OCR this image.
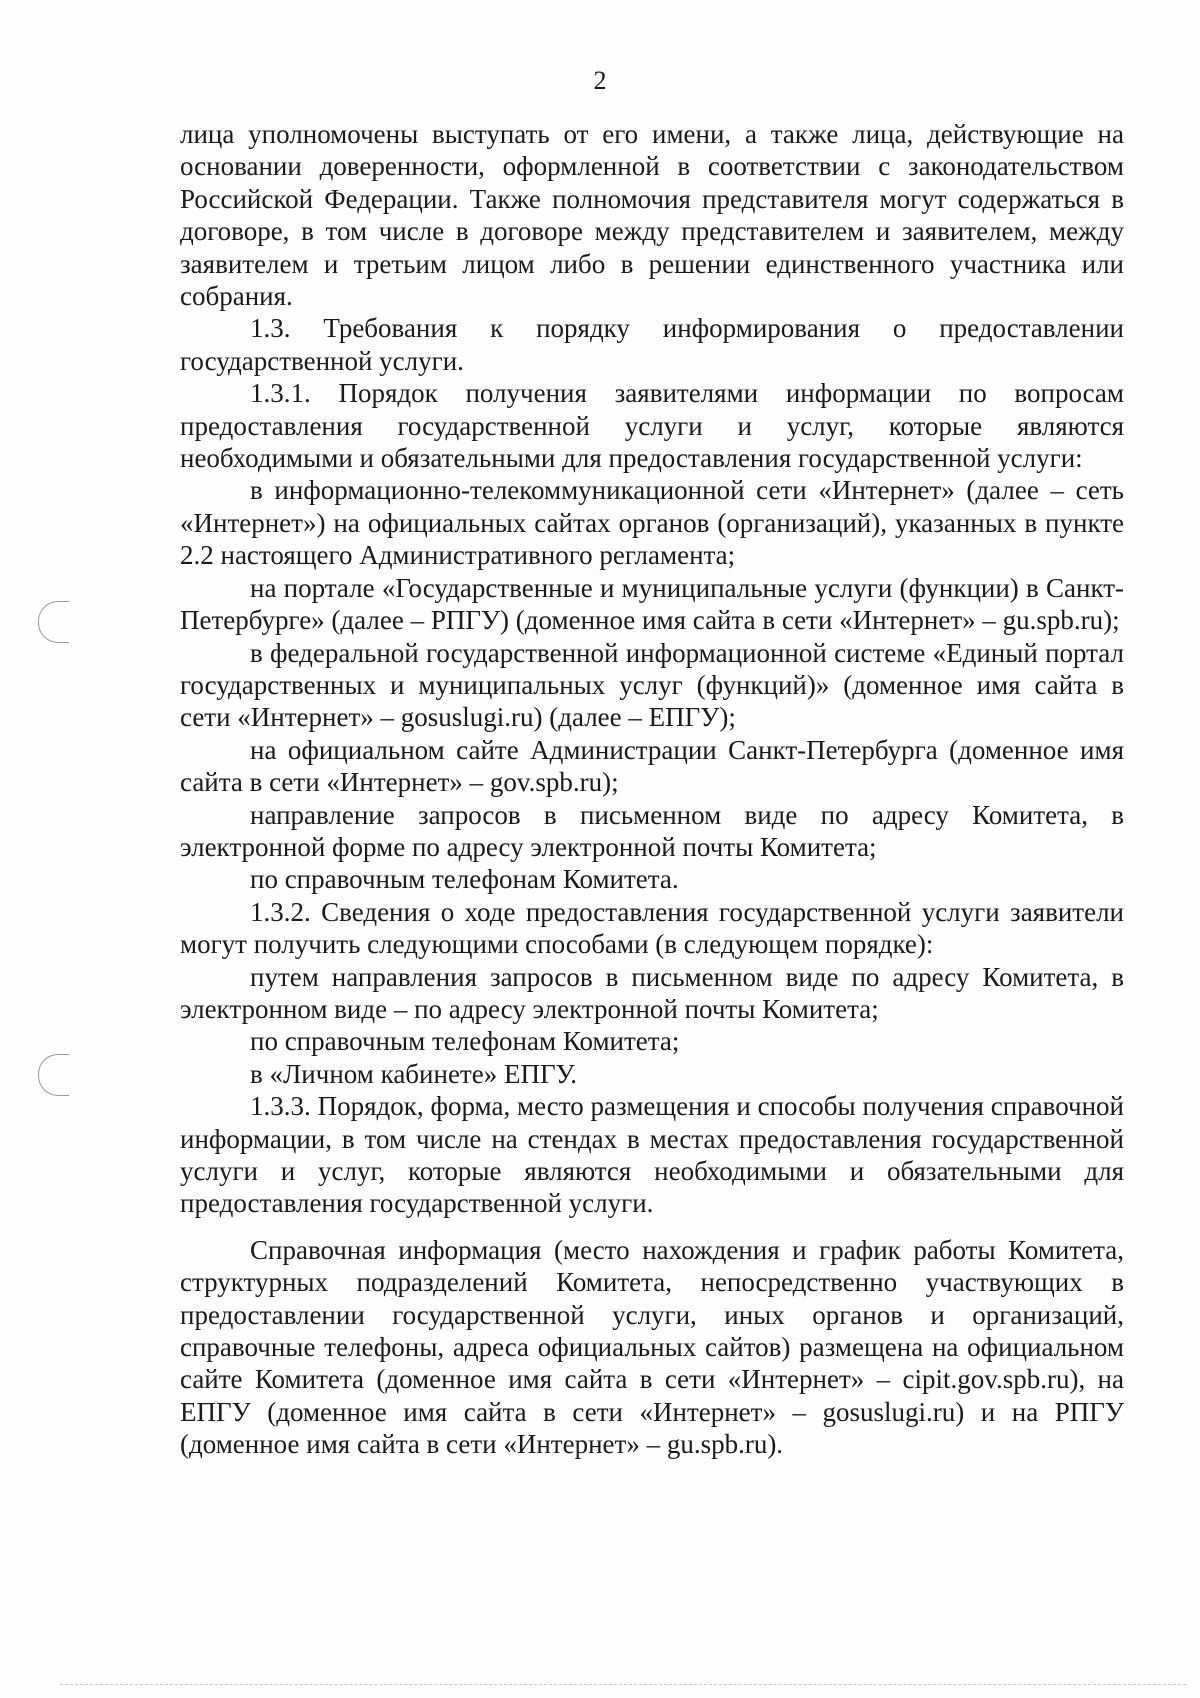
2

лица уполномочены выступать от его имени, а также лица, действующие на основании доверенности, оформленной в соответствии с законодательством Российской Федерации. Также полномочия представителя могут содержаться в договоре, в том числе в договоре между представителем и заявителем, между заявителем и третьим лицом либо в решении единственного участника или собрания.

1.3. Требования к порядку информирования о предоставлении государственной услуги.

1.3.1. Порядок получения заявителями информации по вопросам предоставления государственной услуги и услуг, которые являются необходимыми и обязательными для предоставления государственной услуги:

в информационно-телекоммуникационной сети «Интернет» (далее – сеть «Интернет») на официальных сайтах органов (организаций), указанных в пункте 2.2 настоящего Административного регламента;

на портале «Государственные и муниципальные услуги (функции) в Санкт-Петербурге» (далее – РПГУ) (доменное имя сайта в сети «Интернет» – gu.spb.ru);

в федеральной государственной информационной системе «Единый портал государственных и муниципальных услуг (функций)» (доменное имя сайта в сети «Интернет» – gosuslugi.ru) (далее – ЕПГУ);

на официальном сайте Администрации Санкт-Петербурга (доменное имя сайта в сети «Интернет» – gov.spb.ru);

направление запросов в письменном виде по адресу Комитета, в электронной форме по адресу электронной почты Комитета;

по справочным телефонам Комитета.

1.3.2. Сведения о ходе предоставления государственной услуги заявители могут получить следующими способами (в следующем порядке):

путем направления запросов в письменном виде по адресу Комитета, в электронном виде – по адресу электронной почты Комитета;

по справочным телефонам Комитета;

в «Личном кабинете» ЕПГУ.

1.3.3. Порядок, форма, место размещения и способы получения справочной информации, в том числе на стендах в местах предоставления государственной услуги и услуг, которые являются необходимыми и обязательными для предоставления государственной услуги.

Справочная информация (место нахождения и график работы Комитета, структурных подразделений Комитета, непосредственно участвующих в предоставлении государственной услуги, иных органов и организаций, справочные телефоны, адреса официальных сайтов) размещена на официальном сайте Комитета (доменное имя сайта в сети «Интернет» – cipit.gov.spb.ru), на ЕПГУ (доменное имя сайта в сети «Интернет» – gosuslugi.ru) и на РПГУ (доменное имя сайта в сети «Интернет» – gu.spb.ru).
